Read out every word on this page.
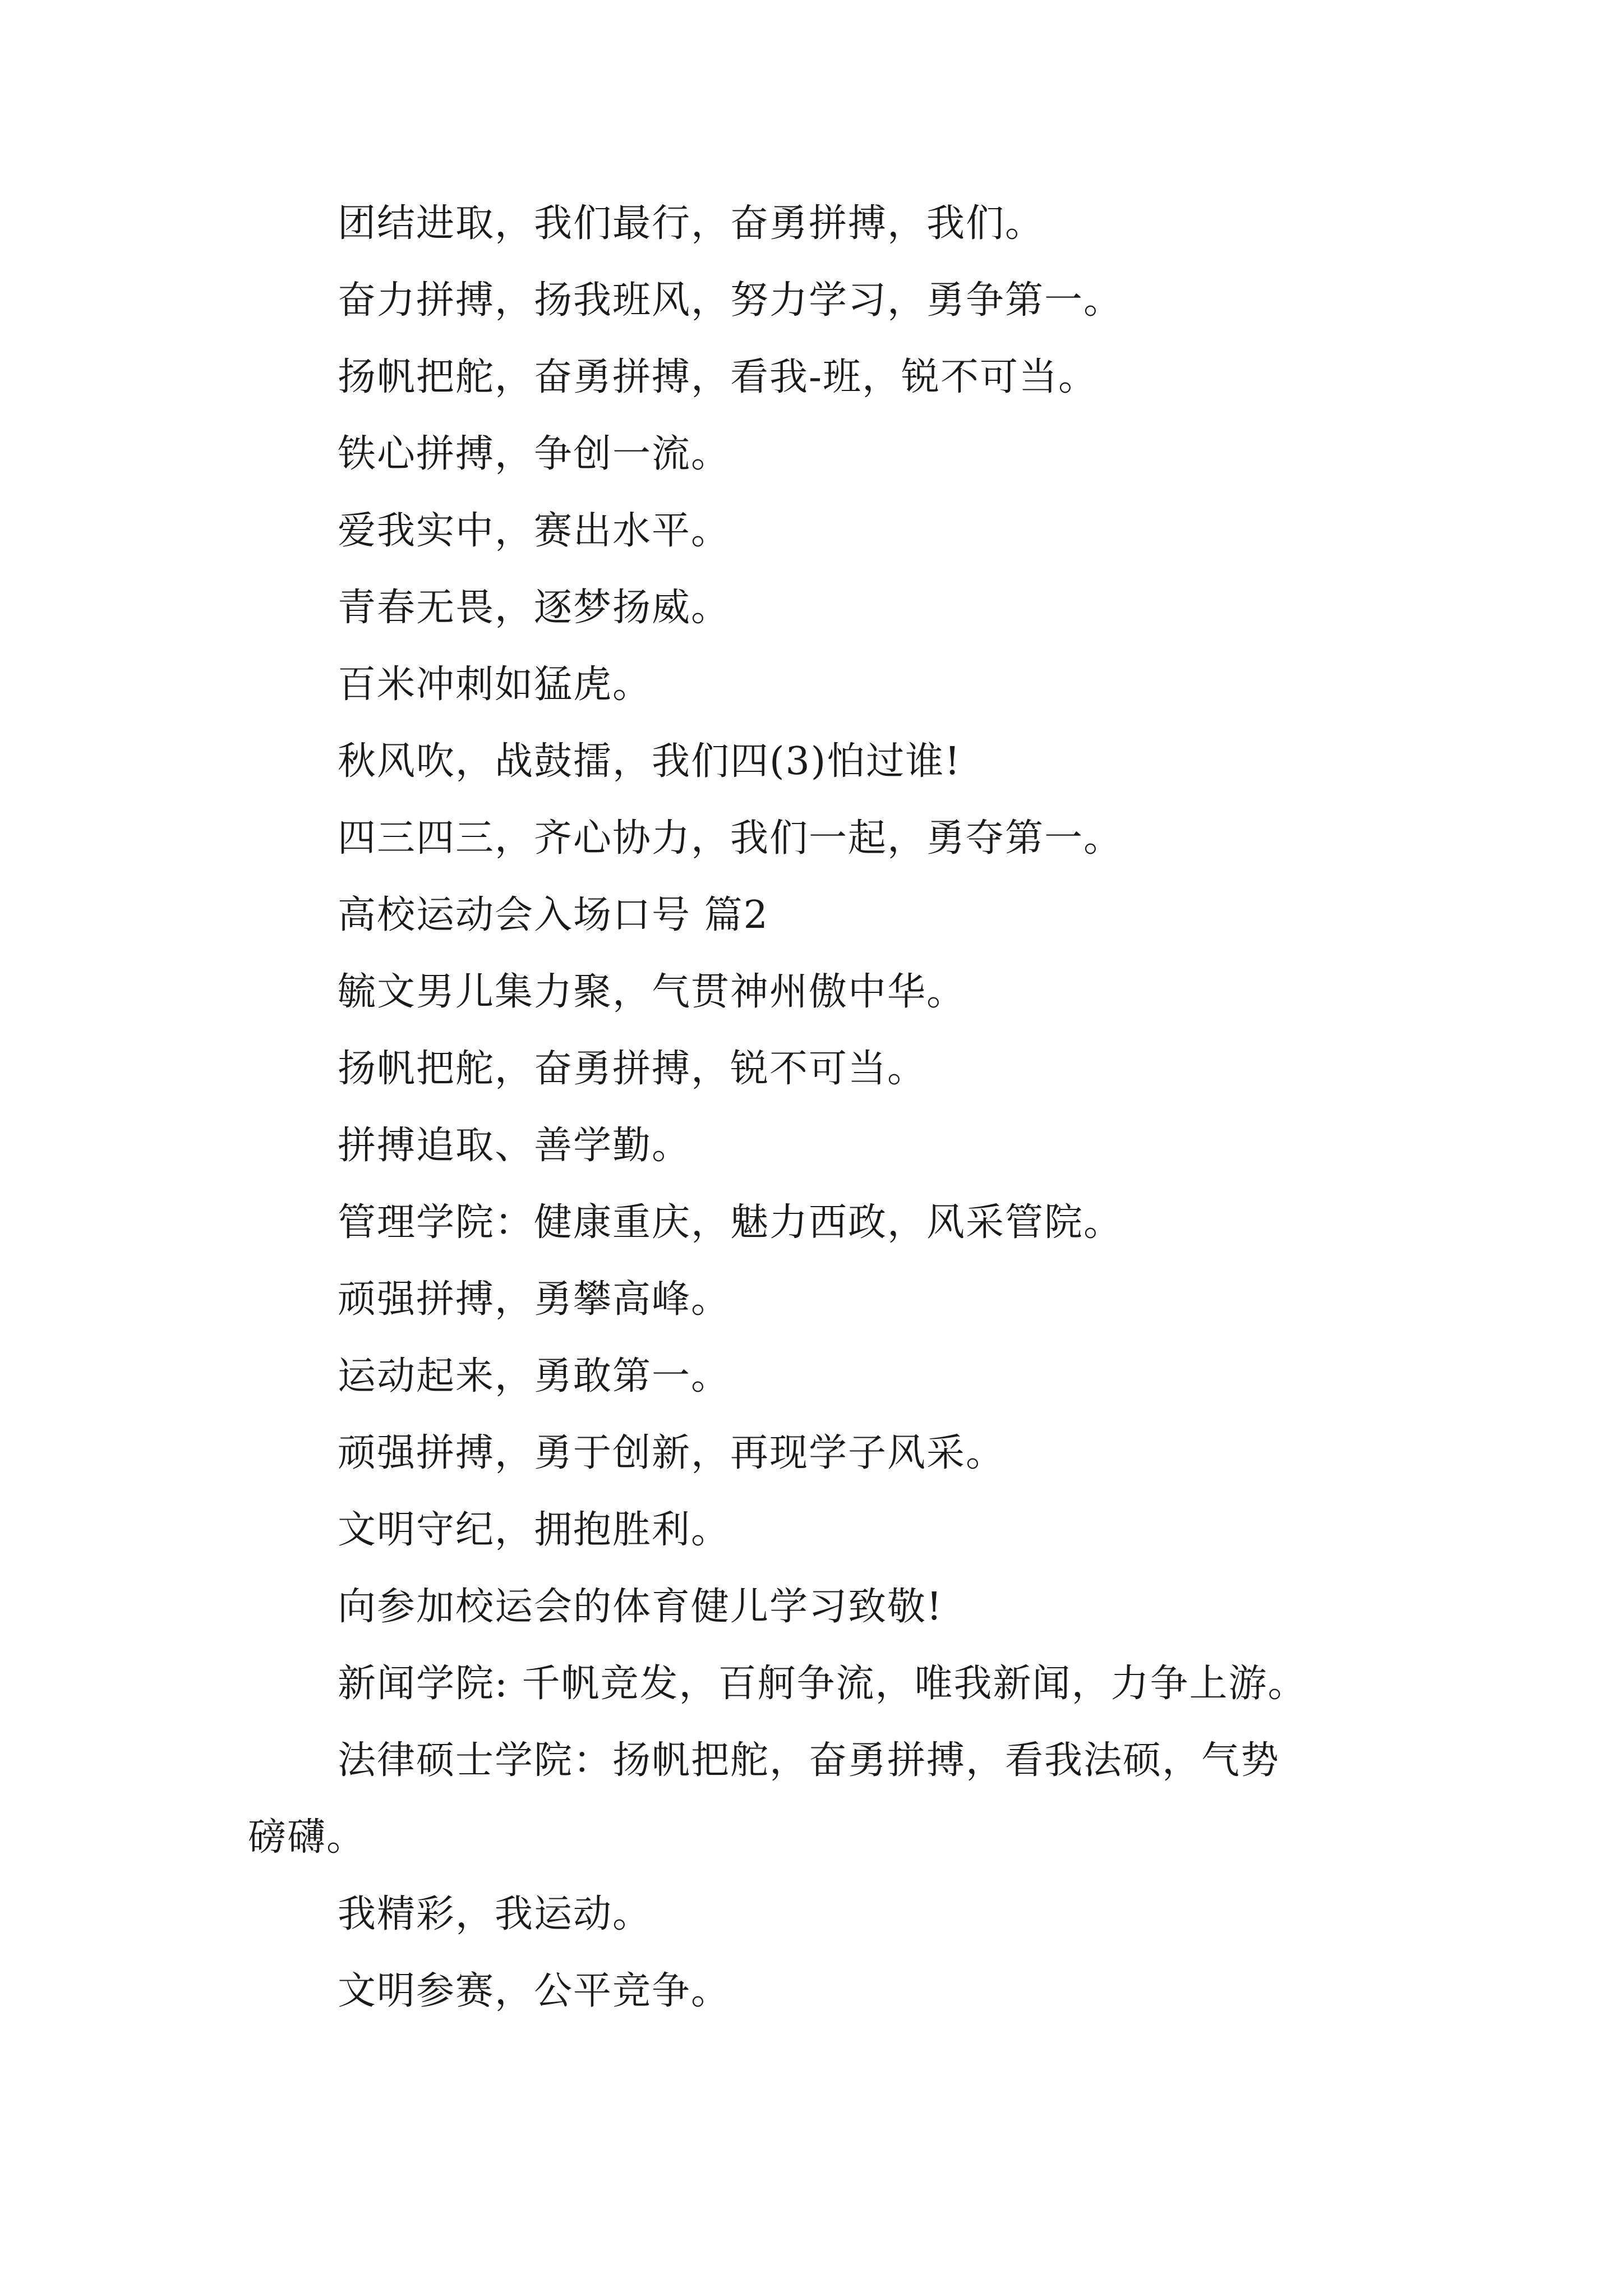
团结进取，我们最行，奋勇拼搏，我们。
奋力拼搏，扬我班风，努力学习，勇争第一。
扬帆把舵，奋勇拼搏，看我-班，锐不可当。
铁心拼搏，争创一流。
爱我实中，赛出水平。
青春无畏，逐梦扬威。
百米冲刺如猛虎。
秋风吹，战鼓擂，我们四(3)怕过谁!
四三四三，齐心协力，我们一起，勇夺第一。
高校运动会入场口号 篇2
毓文男儿集力聚，气贯神州傲中华。
扬帆把舵，奋勇拼搏，锐不可当。
拼搏追取、善学勤。
管理学院：健康重庆，魅力西政，风采管院。
顽强拼搏，勇攀高峰。
运动起来，勇敢第一。
顽强拼搏，勇于创新，再现学子风采。
文明守纪，拥抱胜利。
向参加校运会的体育健儿学习致敬!
新闻学院: 千帆竞发，百舸争流，唯我新闻，力争上游。
法律硕士学院：扬帆把舵，奋勇拼搏，看我法硕，气势
磅礴。
我精彩，我运动。
文明参赛，公平竞争。
